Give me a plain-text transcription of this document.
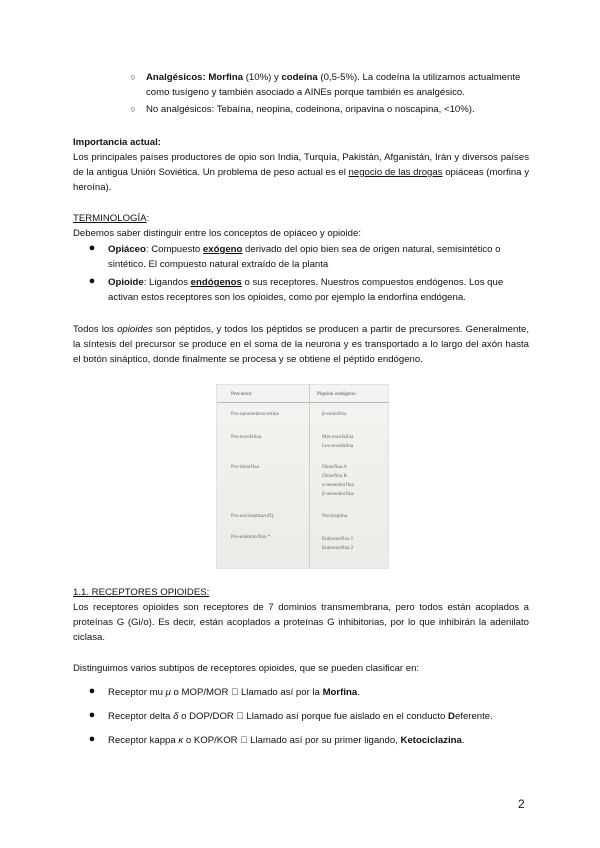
○	Analgésicos: Morfina (10%) y codeína (0,5-5%). La codeína la utilizamos actualmente como tusígeno y también asociado a AINEs porque también es analgésico.
○	No analgésicos: Tebaína, neopina, codeinona, oripavina o noscapina, <10%).
Importancia actual:
Los principales países productores de opio son India, Turquía, Pakistán, Afganistán, Irán y diversos países de la antigua Unión Soviética. Un problema de peso actual es el negocio de las drogas opiáceas (morfina y heroína).
TERMINOLOGÍA:
Debemos saber distinguir entre los conceptos de opiáceo y opioide:
● Opiáceo: Compuesto exógeno derivado del opio bien sea de origen natural, semisintético o sintético. El compuesto natural extraído de la planta
● Opioide: Ligandos endógenos o sus receptores. Nuestros compuestos endógenos. Los que activan estos receptores son los opioides, como por ejemplo la endorfina endógena.
Todos los opioides son péptidos, y todos los péptidos se producen a partir de precursores. Generalmente, la síntesis del precursor se produce en el soma de la neurona y es transportado a lo largo del axón hasta el botón sináptico, donde finalmente se procesa y se obtiene el péptido endógeno.
Precursor	Péptido endógeno
Pro-opiomelanocortina	β-endorfina
Pro-encefalina	Met-encefalina
Leu-encefalina
Pro-dinorfina	Dinorfina A
Dinorfina B
α-neoendorfina
β-neoendorfina
Pro-nociceptina/ofQ	Nociceptina
Pro-endomorfina *	Endomorfina 1
Endomorfina 2
1.1. RECEPTORES OPIOIDES:
Los receptores opioides son receptores de 7 dominios transmembrana, pero todos están acoplados a proteínas G (Gi/o). Es decir, están acoplados a proteínas G inhibitorias, por lo que inhibirán la adenilato ciclasa.
Distinguimos varios subtipos de receptores opioides, que se pueden clasificar en:
● Receptor mu μ o MOP/MOR   Llamado así por la Morfina.
● Receptor delta δ o DOP/DOR   Llamado así porque fue aislado en el conducto Deferente.
● Receptor kappa κ o KOP/KOR   Llamado así por su primer ligando, Ketociclazina.
2
